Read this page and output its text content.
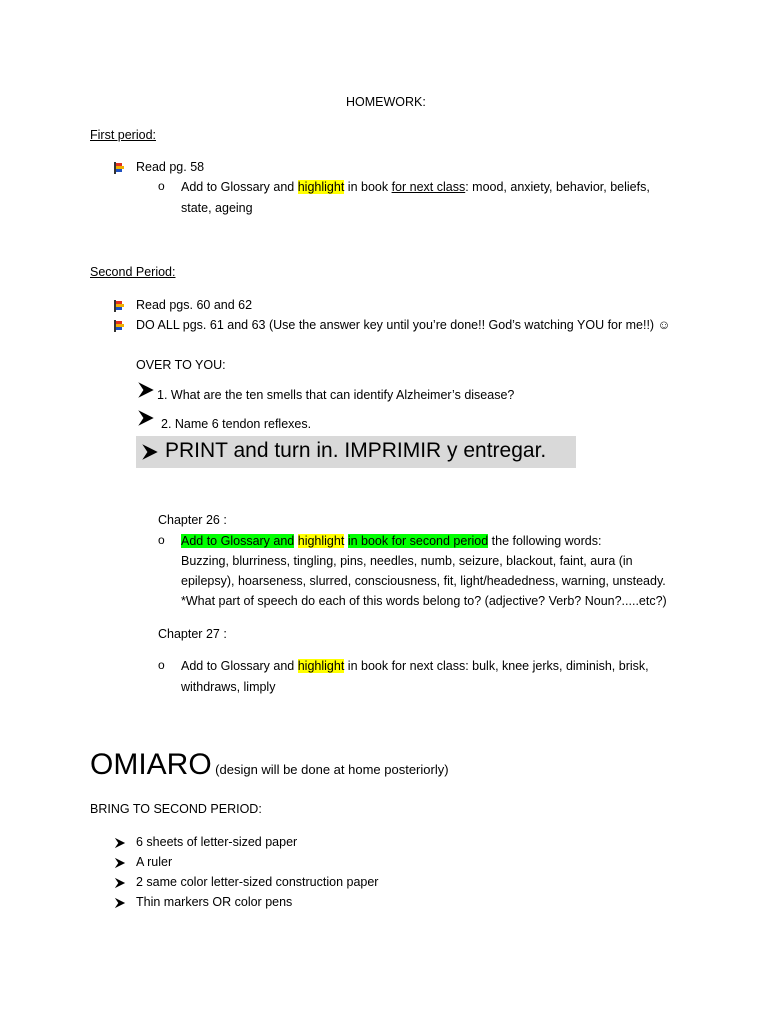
HOMEWORK:
First period:
Read pg. 58
o Add to Glossary and highlight in book for next class: mood, anxiety, behavior, beliefs,
state, ageing
Second Period:
Read pgs. 60 and 62
DO ALL pgs. 61 and 63 (Use the answer key until you’re done!! God’s watching YOU for me!!) ☺
OVER TO YOU:
1. What are the ten smells that can identify Alzheimer’s disease?
2. Name 6 tendon reflexes.
PRINT and turn in. IMPRIMIR y entregar.
Chapter 26 :
o Add to Glossary and highlight in book for second period the following words:
Buzzing, blurriness, tingling, pins, needles, numb, seizure, blackout, faint, aura (in
epilepsy), hoarseness, slurred, consciousness, fit, light/headedness, warning, unsteady.
*What part of speech do each of this words belong to? (adjective? Verb? Noun?.....etc?)
Chapter 27 :
o Add to Glossary and highlight in book for next class: bulk, knee jerks, diminish, brisk,
withdraws, limply
OMIARO (design will be done at home posteriorly)
BRING TO SECOND PERIOD:
6 sheets of letter-sized paper
A ruler
2 same color letter-sized construction paper
Thin markers OR color pens
